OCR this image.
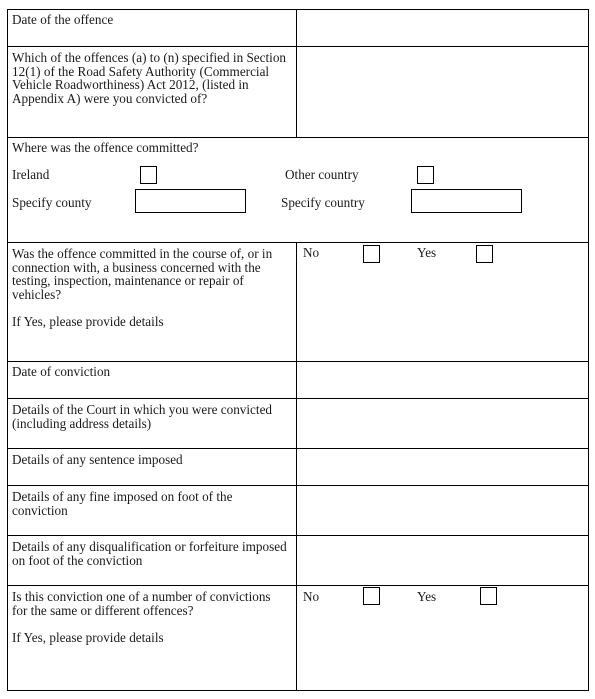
Date of the offence
Which of the offences (a) to (n) specified in Section 12(1) of the Road Safety Authority (Commercial Vehicle Roadworthiness) Act 2012, (listed in Appendix A) were you convicted of?
Where was the offence committed?
Ireland	Other country
Specify county	Specify country
Was the offence committed in the course of, or in connection with, a business concerned with the testing, inspection, maintenance or repair of vehicles?
If Yes, please provide details
No	Yes
Date of conviction
Details of the Court in which you were convicted (including address details)
Details of any sentence imposed
Details of any fine imposed on foot of the conviction
Details of any disqualification or forfeiture imposed on foot of the conviction
Is this conviction one of a number of convictions for the same or different offences?
If Yes, please provide details
No	Yes
